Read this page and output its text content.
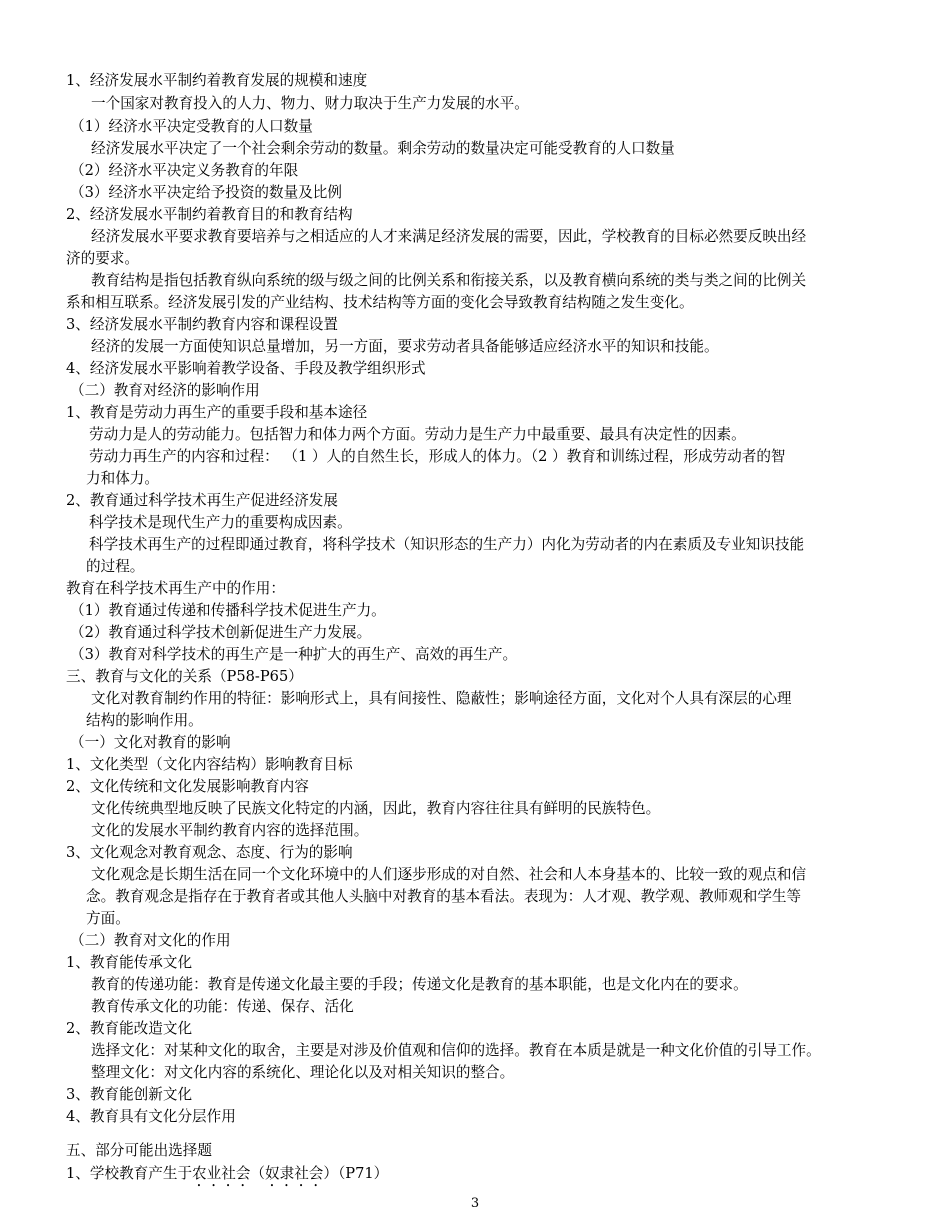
1、经济发展水平制约着教育发展的规模和速度
一个国家对教育投入的人力、物力、财力取决于生产力发展的水平。
（1）经济水平决定受教育的人口数量
经济发展水平决定了一个社会剩余劳动的数量。剩余劳动的数量决定可能受教育的人口数量
（2）经济水平决定义务教育的年限
（3）经济水平决定给予投资的数量及比例
2、经济发展水平制约着教育目的和教育结构
经济发展水平要求教育要培养与之相适应的人才来满足经济发展的需要，因此，学校教育的目标必然要反映出经
济的要求。
教育结构是指包括教育纵向系统的级与级之间的比例关系和衔接关系，以及教育横向系统的类与类之间的比例关
系和相互联系。经济发展引发的产业结构、技术结构等方面的变化会导致教育结构随之发生变化。
3、经济发展水平制约教育内容和课程设置
经济的发展一方面使知识总量增加，另一方面，要求劳动者具备能够适应经济水平的知识和技能。
4、经济发展水平影响着教学设备、手段及教学组织形式
（二）教育对经济的影响作用
1、教育是劳动力再生产的重要手段和基本途径
劳动力是人的劳动能力。包括智力和体力两个方面。劳动力是生产力中最重要、最具有决定性的因素。
劳动力再生产的内容和过程： （1 ）人的自然生长，形成人的体力。（2 ）教育和训练过程，形成劳动者的智
力和体力。
2、教育通过科学技术再生产促进经济发展
科学技术是现代生产力的重要构成因素。
科学技术再生产的过程即通过教育，将科学技术（知识形态的生产力）内化为劳动者的内在素质及专业知识技能
的过程。
教育在科学技术再生产中的作用：
（1）教育通过传递和传播科学技术促进生产力。
（2）教育通过科学技术创新促进生产力发展。
（3）教育对科学技术的再生产是一种扩大的再生产、高效的再生产。
三、教育与文化的关系（P58-P65）
文化对教育制约作用的特征：影响形式上，具有间接性、隐蔽性；影响途径方面，文化对个人具有深层的心理
结构的影响作用。
（一）文化对教育的影响
1、文化类型（文化内容结构）影响教育目标
2、文化传统和文化发展影响教育内容
文化传统典型地反映了民族文化特定的内涵，因此，教育内容往往具有鲜明的民族特色。
文化的发展水平制约教育内容的选择范围。
3、文化观念对教育观念、态度、行为的影响
文化观念是长期生活在同一个文化环境中的人们逐步形成的对自然、社会和人本身基本的、比较一致的观点和信
念。教育观念是指存在于教育者或其他人头脑中对教育的基本看法。表现为：人才观、教学观、教师观和学生等
方面。
（二）教育对文化的作用
1、教育能传承文化
教育的传递功能：教育是传递文化最主要的手段；传递文化是教育的基本职能，也是文化内在的要求。
教育传承文化的功能：传递、保存、活化
2、教育能改造文化
选择文化：对某种文化的取舍，主要是对涉及价值观和信仰的选择。教育在本质是就是一种文化价值的引导工作。
整理文化：对文化内容的系统化、理论化以及对相关知识的整合。
3、教育能创新文化
4、教育具有文化分层作用
五、部分可能出选择题
1、学校教育产生于农业社会（奴隶社会）（P71）
3
